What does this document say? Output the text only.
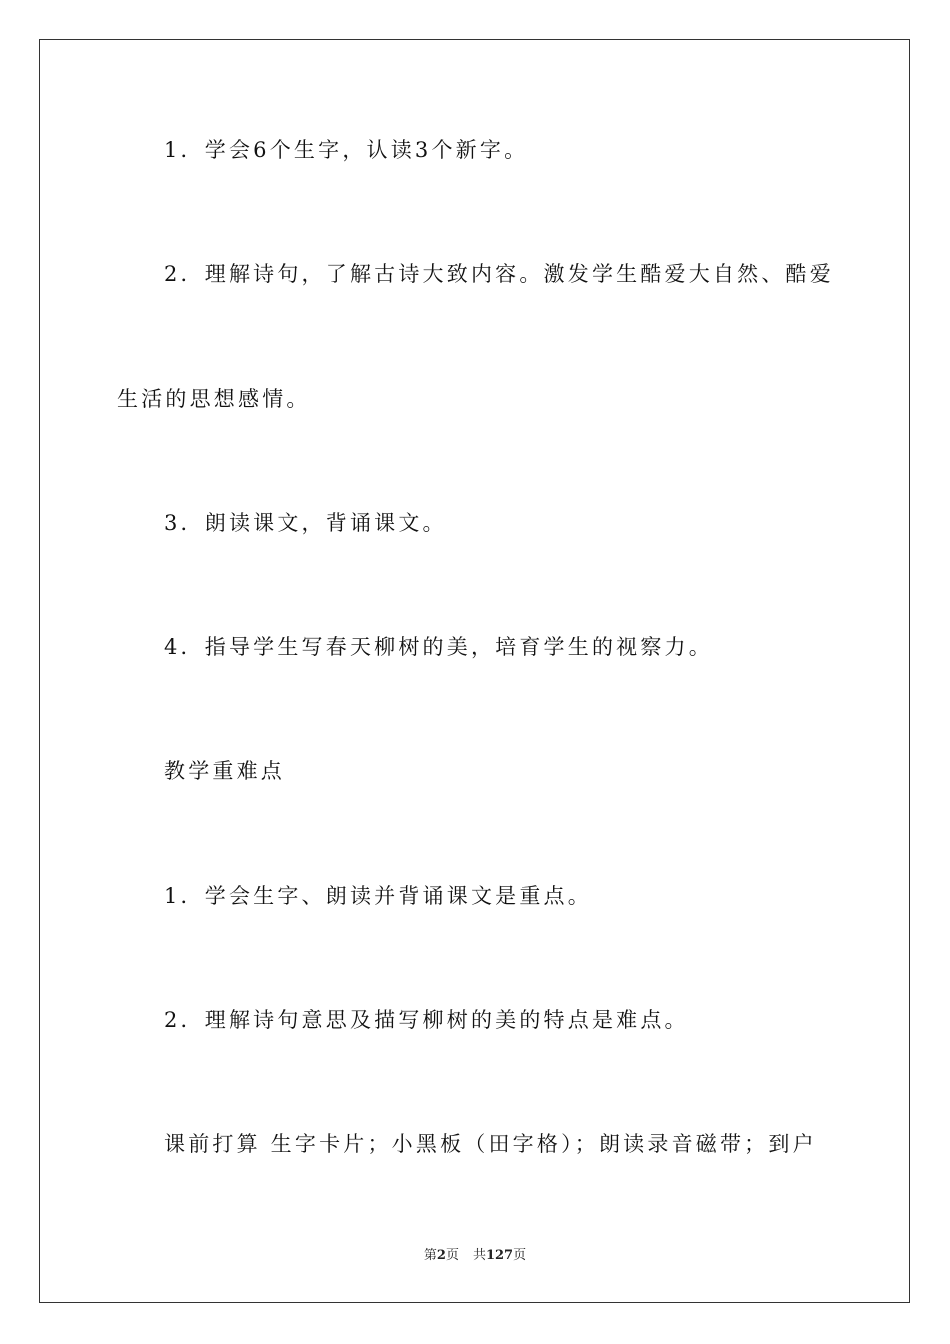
1．学会6个生字，认读3个新字。
2．理解诗句，了解古诗大致内容。激发学生酷爱大自然、酷爱
生活的思想感情。
3．朗读课文，背诵课文。
4．指导学生写春天柳树的美，培育学生的视察力。
教学重难点
1．学会生字、朗读并背诵课文是重点。
2．理解诗句意思及描写柳树的美的特点是难点。
课前打算 生字卡片；小黑板（田字格）；朗读录音磁带；到户
第2页 共127页
